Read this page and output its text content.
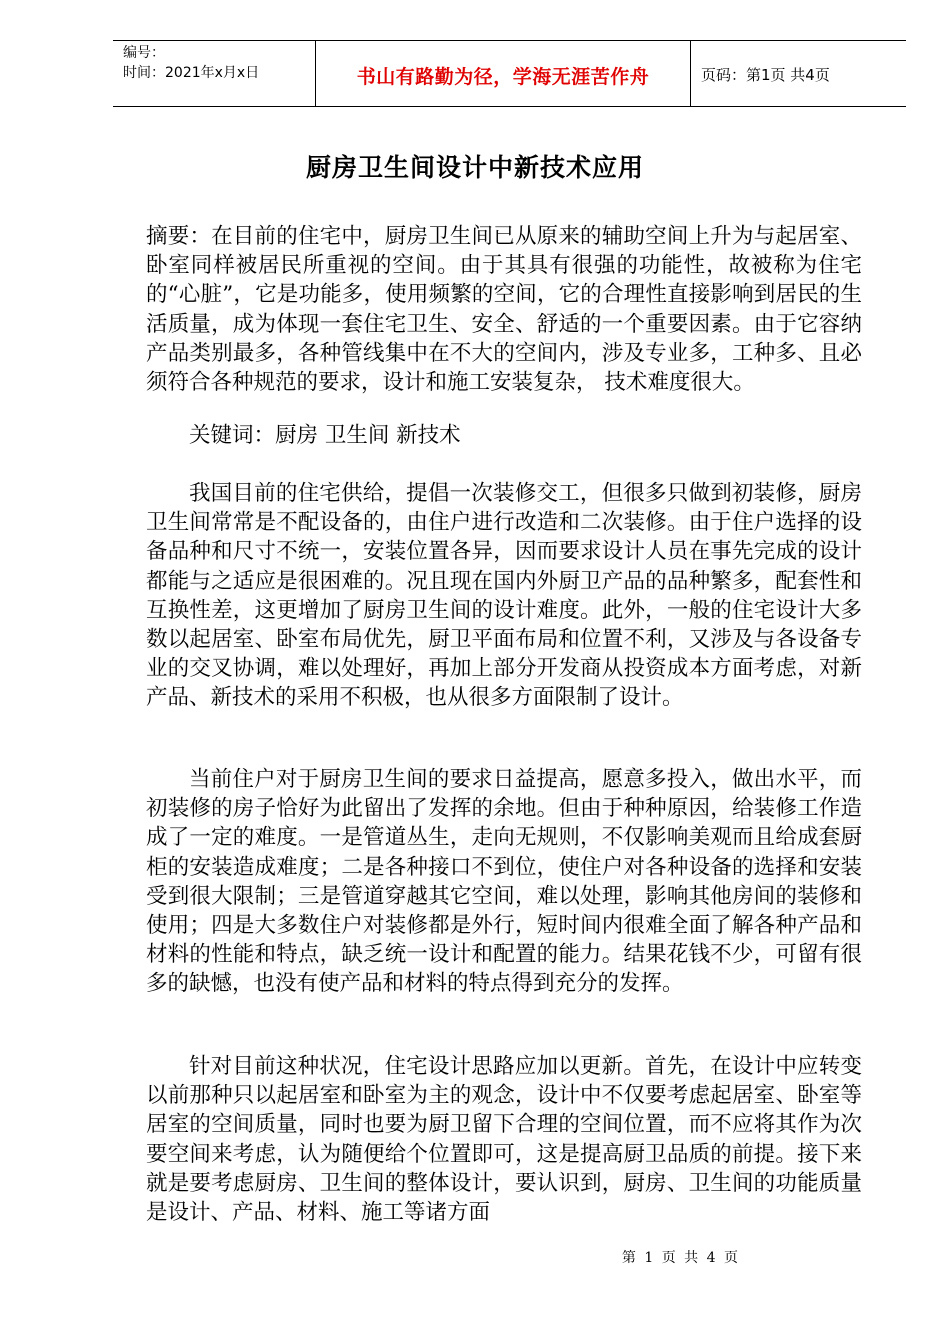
编号：
时间：2021年x月x日	书山有路勤为径，学海无涯苦作舟	页码：第1页 共4页
厨房卫生间设计中新技术应用

摘要：在目前的住宅中，厨房卫生间已从原来的辅助空间上升为与起居室、卧室同样被居民所重视的空间。由于其具有很强的功能性，故被称为住宅的“心脏”，它是功能多，使用频繁的空间，它的合理性直接影响到居民的生活质量，成为体现一套住宅卫生、安全、舒适的一个重要因素。由于它容纳产品类别最多，各种管线集中在不大的空间内，涉及专业多，工种多、且必须符合各种规范的要求，设计和施工安装复杂， 技术难度很大。

关键词：厨房 卫生间 新技术

我国目前的住宅供给，提倡一次装修交工，但很多只做到初装修，厨房卫生间常常是不配设备的，由住户进行改造和二次装修。由于住户选择的设备品种和尺寸不统一，安装位置各异，因而要求设计人员在事先完成的设计都能与之适应是很困难的。况且现在国内外厨卫产品的品种繁多，配套性和互换性差，这更增加了厨房卫生间的设计难度。此外，一般的住宅设计大多数以起居室、卧室布局优先，厨卫平面布局和位置不利，又涉及与各设备专业的交叉协调，难以处理好，再加上部分开发商从投资成本方面考虑，对新产品、新技术的采用不积极，也从很多方面限制了设计。

当前住户对于厨房卫生间的要求日益提高，愿意多投入，做出水平，而初装修的房子恰好为此留出了发挥的余地。但由于种种原因，给装修工作造成了一定的难度。一是管道丛生，走向无规则，不仅影响美观而且给成套厨柜的安装造成难度；二是各种接口不到位，使住户对各种设备的选择和安装受到很大限制；三是管道穿越其它空间，难以处理，影响其他房间的装修和使用；四是大多数住户对装修都是外行，短时间内很难全面了解各种产品和材料的性能和特点，缺乏统一设计和配置的能力。结果花钱不少，可留有很多的缺憾，也没有使产品和材料的特点得到充分的发挥。

针对目前这种状况，住宅设计思路应加以更新。首先，在设计中应转变以前那种只以起居室和卧室为主的观念，设计中不仅要考虑起居室、卧室等居室的空间质量，同时也要为厨卫留下合理的空间位置，而不应将其作为次要空间来考虑，认为随便给个位置即可，这是提高厨卫品质的前提。接下来就是要考虑厨房、卫生间的整体设计，要认识到，厨房、卫生间的功能质量是设计、产品、材料、施工等诸方面

第 1 页 共 4 页
